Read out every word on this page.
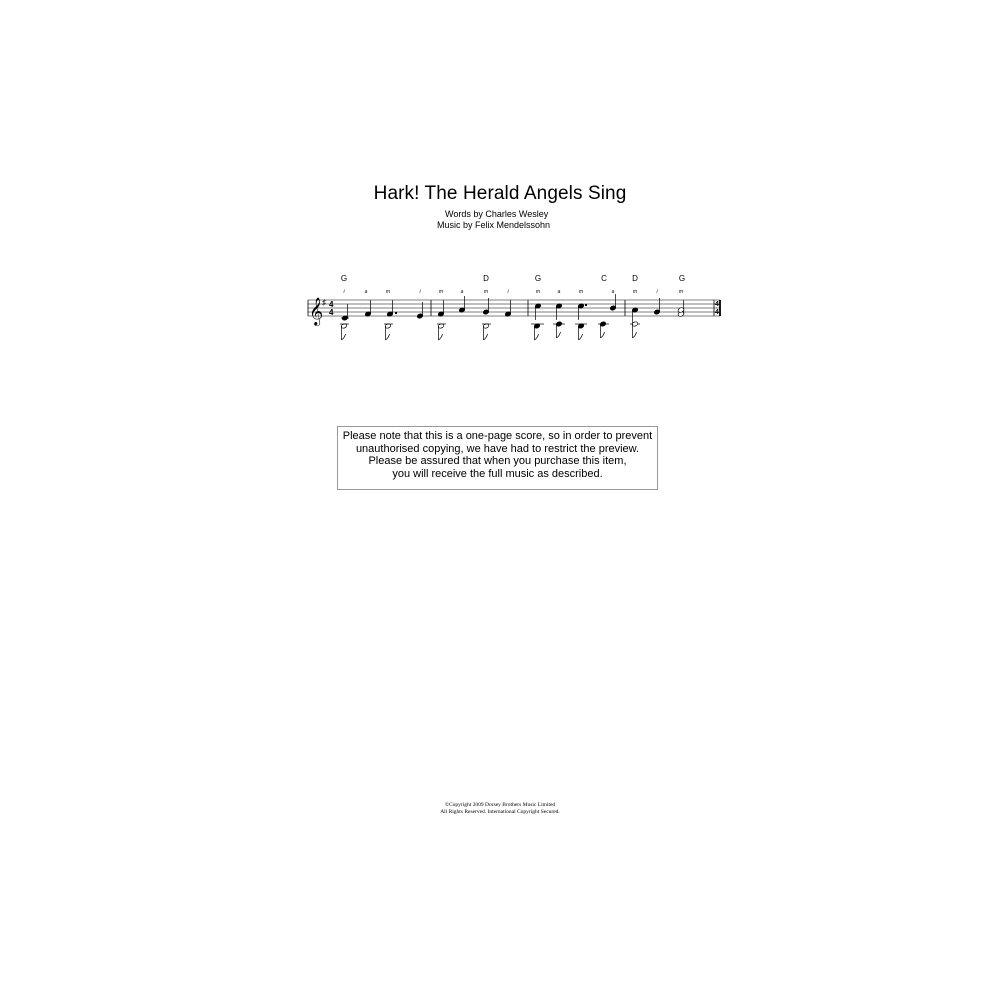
Hark! The Herald Angels Sing
Words by Charles Wesley
Music by Felix Mendelssohn
G	D	G	C	D	G
i	a	m	i	m	a	m	i	m	a	m	a	m	i	m
𝄞
♯ 4
4
4
4
Please note that this is a one-page score, so in order to prevent
unauthorised copying, we have had to restrict the preview.
Please be assured that when you purchase this item,
you will receive the full music as described.
©Copyright 2009 Dorsey Brothers Music Limited
All Rights Reserved. International Copyright Secured.
